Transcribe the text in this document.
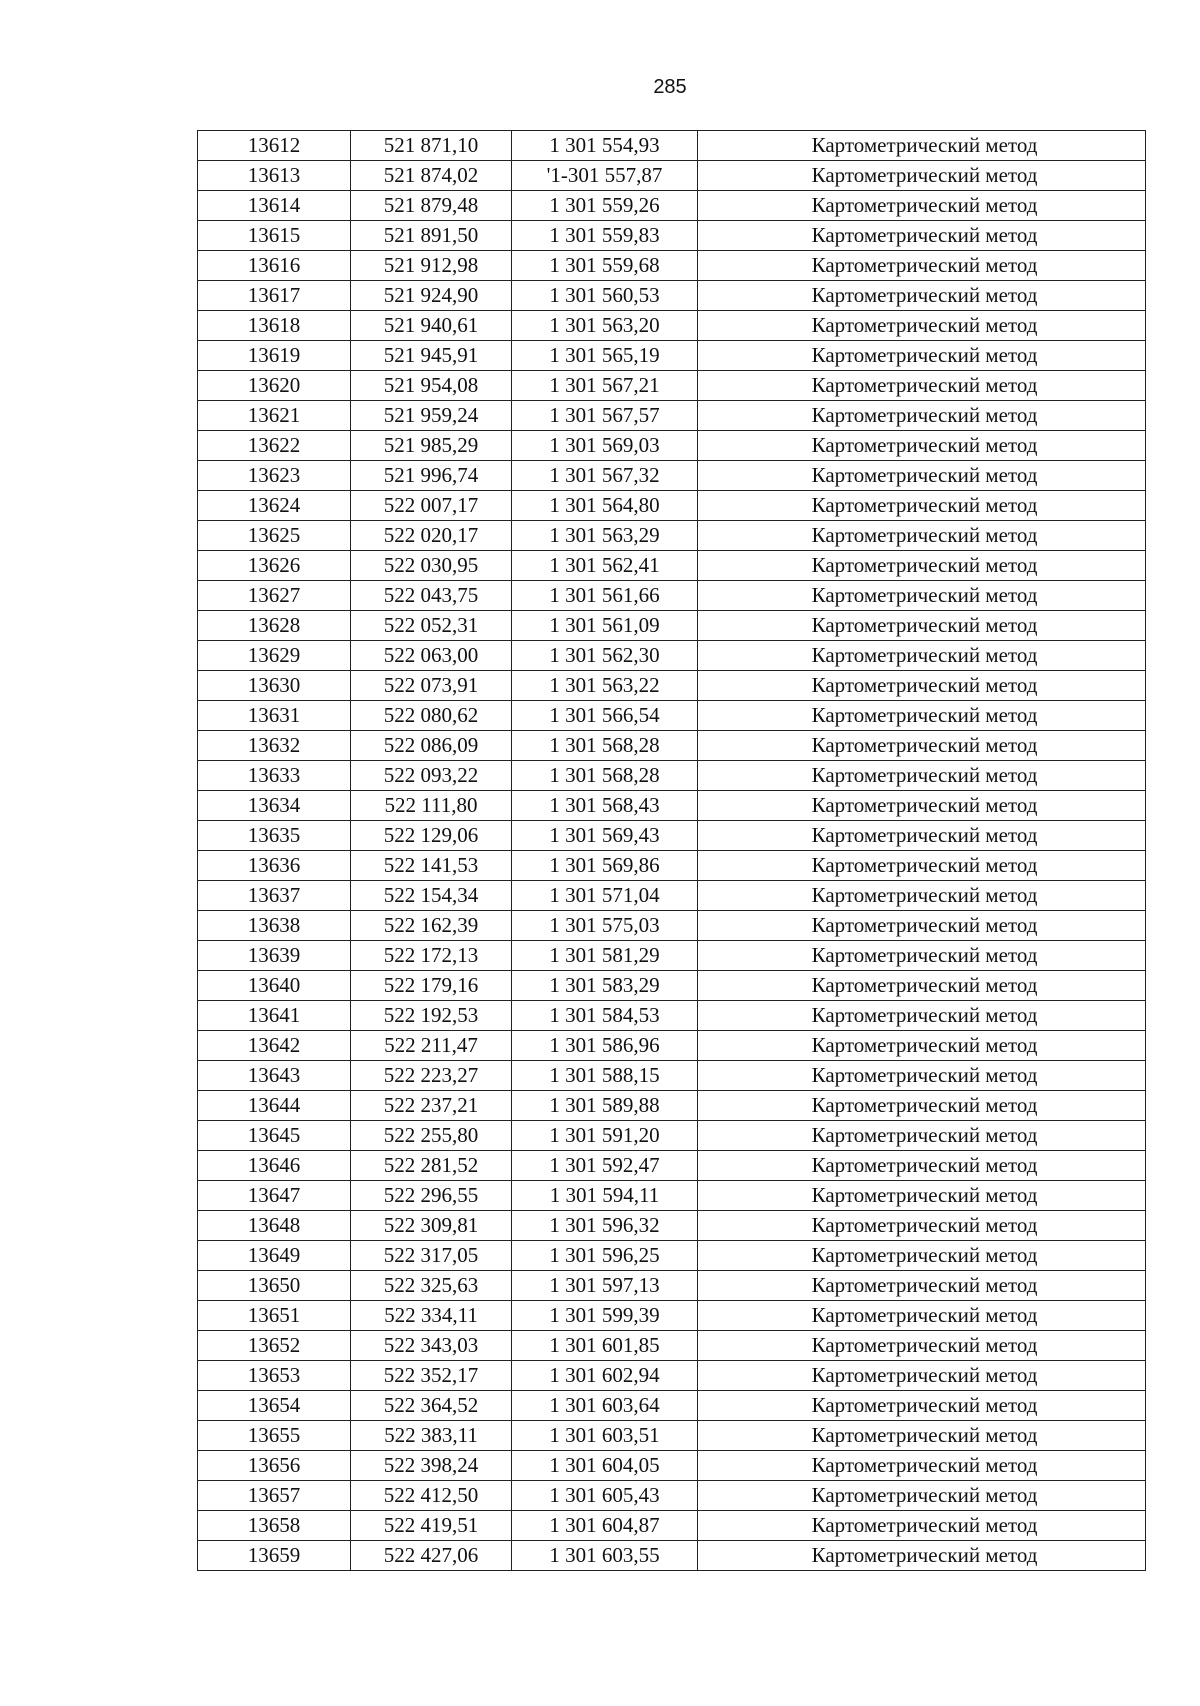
285
13612	521 871,10	1 301 554,93	Картометрический метод
13613	521 874,02	'1-301 557,87	Картометрический метод
13614	521 879,48	1 301 559,26	Картометрический метод
13615	521 891,50	1 301 559,83	Картометрический метод
13616	521 912,98	1 301 559,68	Картометрический метод
13617	521 924,90	1 301 560,53	Картометрический метод
13618	521 940,61	1 301 563,20	Картометрический метод
13619	521 945,91	1 301 565,19	Картометрический метод
13620	521 954,08	1 301 567,21	Картометрический метод
13621	521 959,24	1 301 567,57	Картометрический метод
13622	521 985,29	1 301 569,03	Картометрический метод
13623	521 996,74	1 301 567,32	Картометрический метод
13624	522 007,17	1 301 564,80	Картометрический метод
13625	522 020,17	1 301 563,29	Картометрический метод
13626	522 030,95	1 301 562,41	Картометрический метод
13627	522 043,75	1 301 561,66	Картометрический метод
13628	522 052,31	1 301 561,09	Картометрический метод
13629	522 063,00	1 301 562,30	Картометрический метод
13630	522 073,91	1 301 563,22	Картометрический метод
13631	522 080,62	1 301 566,54	Картометрический метод
13632	522 086,09	1 301 568,28	Картометрический метод
13633	522 093,22	1 301 568,28	Картометрический метод
13634	522 111,80	1 301 568,43	Картометрический метод
13635	522 129,06	1 301 569,43	Картометрический метод
13636	522 141,53	1 301 569,86	Картометрический метод
13637	522 154,34	1 301 571,04	Картометрический метод
13638	522 162,39	1 301 575,03	Картометрический метод
13639	522 172,13	1 301 581,29	Картометрический метод
13640	522 179,16	1 301 583,29	Картометрический метод
13641	522 192,53	1 301 584,53	Картометрический метод
13642	522 211,47	1 301 586,96	Картометрический метод
13643	522 223,27	1 301 588,15	Картометрический метод
13644	522 237,21	1 301 589,88	Картометрический метод
13645	522 255,80	1 301 591,20	Картометрический метод
13646	522 281,52	1 301 592,47	Картометрический метод
13647	522 296,55	1 301 594,11	Картометрический метод
13648	522 309,81	1 301 596,32	Картометрический метод
13649	522 317,05	1 301 596,25	Картометрический метод
13650	522 325,63	1 301 597,13	Картометрический метод
13651	522 334,11	1 301 599,39	Картометрический метод
13652	522 343,03	1 301 601,85	Картометрический метод
13653	522 352,17	1 301 602,94	Картометрический метод
13654	522 364,52	1 301 603,64	Картометрический метод
13655	522 383,11	1 301 603,51	Картометрический метод
13656	522 398,24	1 301 604,05	Картометрический метод
13657	522 412,50	1 301 605,43	Картометрический метод
13658	522 419,51	1 301 604,87	Картометрический метод
13659	522 427,06	1 301 603,55	Картометрический метод
